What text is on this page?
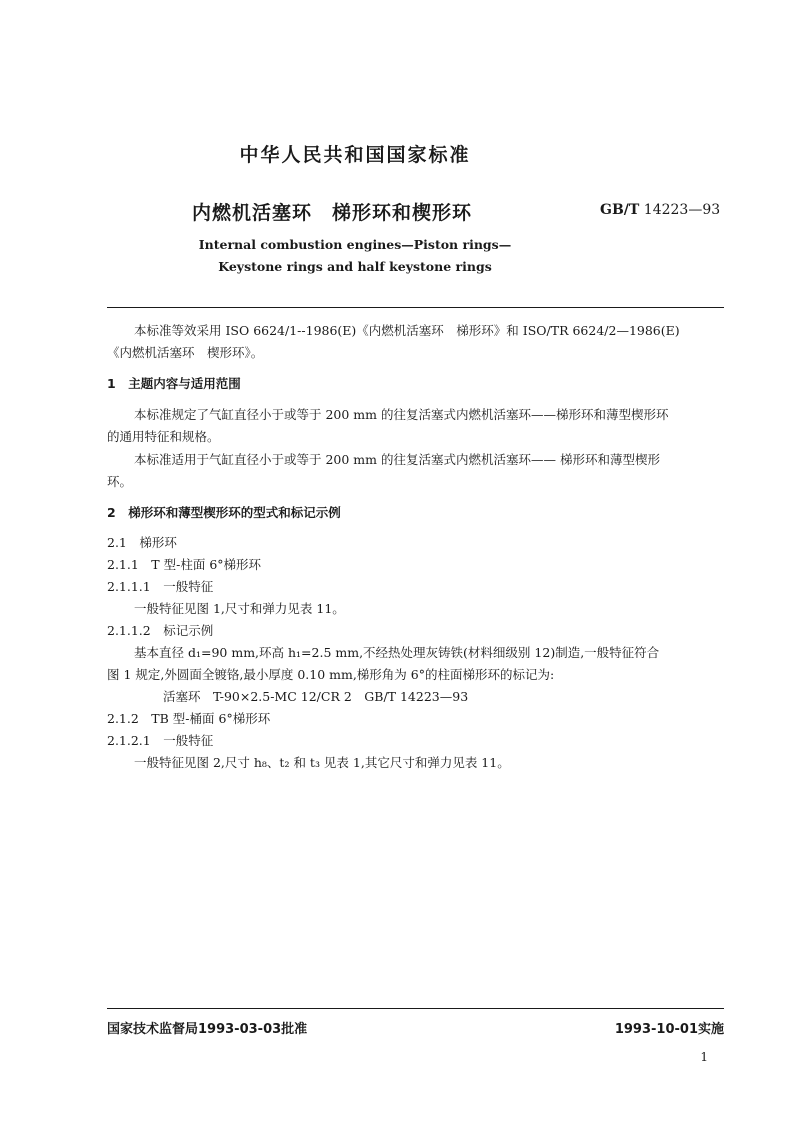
中华人民共和国国家标准
内燃机活塞环　梯形环和楔形环	GB/T 14223—93
Internal combustion engines—Piston rings—
Keystone rings and half keystone rings
本标准等效采用 ISO 6624/1--1986(E)《内燃机活塞环　梯形环》和 ISO/TR 6624/2—1986(E)
《内燃机活塞环　楔形环》。
1　主题内容与适用范围
本标准规定了气缸直径小于或等于 200 mm 的往复活塞式内燃机活塞环——梯形环和薄型楔形环
的通用特征和规格。
本标准适用于气缸直径小于或等于 200 mm 的往复活塞式内燃机活塞环—— 梯形环和薄型楔形
环。
2　梯形环和薄型楔形环的型式和标记示例
2.1　梯形环
2.1.1　T 型-柱面 6°梯形环
2.1.1.1　一般特征
一般特征见图 1,尺寸和弹力见表 11。
2.1.1.2　标记示例
基本直径 d₁=90 mm,环高 h₁=2.5 mm,不经热处理灰铸铁(材料细级别 12)制造,一般特征符合
图 1 规定,外圆面全镀铬,最小厚度 0.10 mm,梯形角为 6°的柱面梯形环的标记为:
活塞环　T-90×2.5-MC 12/CR 2　GB/T 14223—93
2.1.2　TB 型-桶面 6°梯形环
2.1.2.1　一般特征
一般特征见图 2,尺寸 h₈、t₂ 和 t₃ 见表 1,其它尺寸和弹力见表 11。
国家技术监督局1993-03-03批准	1993-10-01实施
1
